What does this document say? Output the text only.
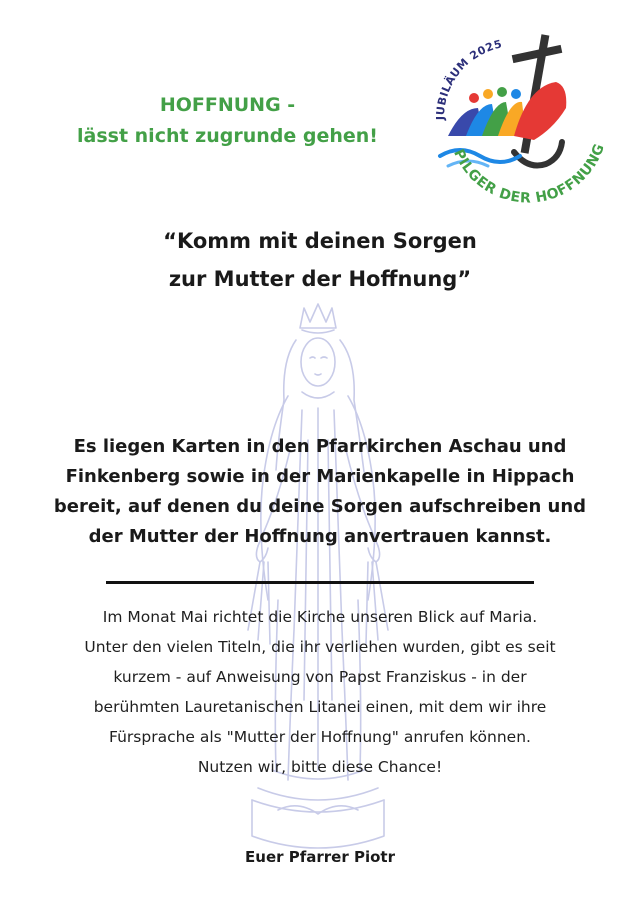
HOFFNUNG -
lässt nicht zugrunde gehen!
JUBILÄUM 2025
PILGER DER HOFFNUNG
“Komm mit deinen Sorgen
zur Mutter der Hoffnung”
Es liegen Karten in den Pfarrkirchen Aschau und
Finkenberg sowie in der Marienkapelle in Hippach
bereit, auf denen du deine Sorgen aufschreiben und
der Mutter der Hoffnung anvertrauen kannst.
Im Monat Mai richtet die Kirche unseren Blick auf Maria.
Unter den vielen Titeln, die ihr verliehen wurden, gibt es seit
kurzem - auf Anweisung von Papst Franziskus - in der
berühmten Lauretanischen Litanei einen, mit dem wir ihre
Fürsprache als "Mutter der Hoffnung" anrufen können.
Nutzen wir, bitte diese Chance!
Euer Pfarrer Piotr
